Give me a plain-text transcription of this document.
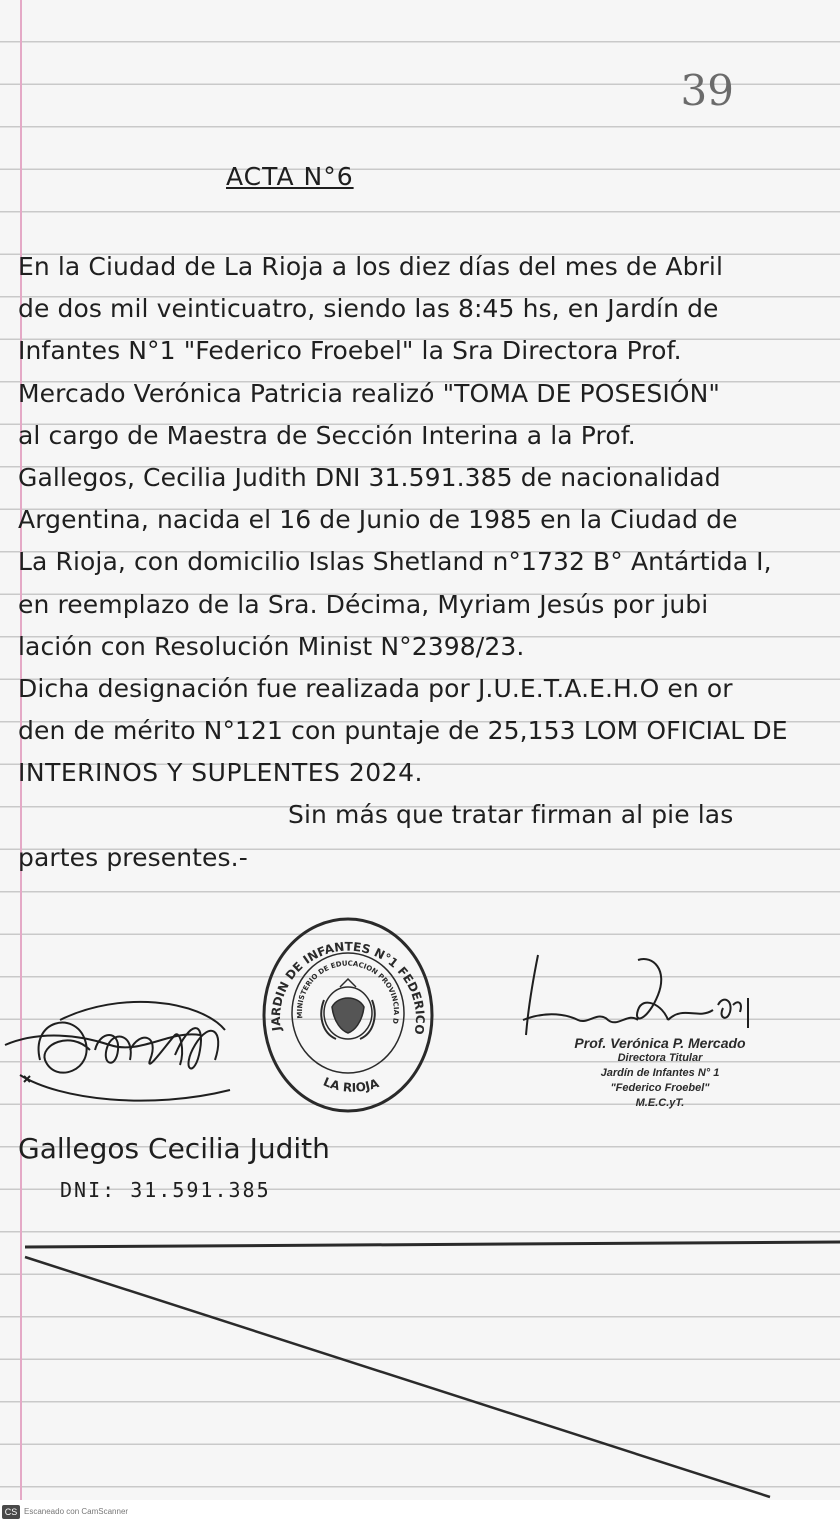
39
ACTA N°6
En la Ciudad de La Rioja a los diez días del mes de Abril
de dos mil veinticuatro, siendo las 8:45 hs, en Jardín de
Infantes N°1 "Federico Froebel" la Sra Directora Prof.
Mercado Verónica Patricia realizó "TOMA DE POSESIÓN"
al cargo de Maestra de Sección Interina a la Prof.
Gallegos, Cecilia Judith DNI 31.591.385 de nacionalidad
Argentina, nacida el 16 de Junio de 1985 en la Ciudad de
La Rioja, con domicilio Islas Shetland n°1732 B° Antártida I,
en reemplazo de la Sra. Décima, Myriam Jesús por jubi
lación con Resolución Minist N°2398/23.
Dicha designación fue realizada por J.U.E.T.A.E.H.O en or
den de mérito N°121 con puntaje de 25,153 LOM OFICIAL DE
INTERINOS Y SUPLENTES 2024.
Sin más que tratar firman al pie las
partes presentes.-
JARDIN DE INFANTES N°1 FEDERICO
MINISTERIO DE EDUCACION PROVINCIA D
LA RIOJA
Prof. Verónica P. Mercado
Directora Titular
Jardín de Infantes N° 1
"Federico Froebel"
M.E.C.yT.
Gallegos Cecilia Judith
DNI: 31.591.385
CS Escaneado con CamScanner
